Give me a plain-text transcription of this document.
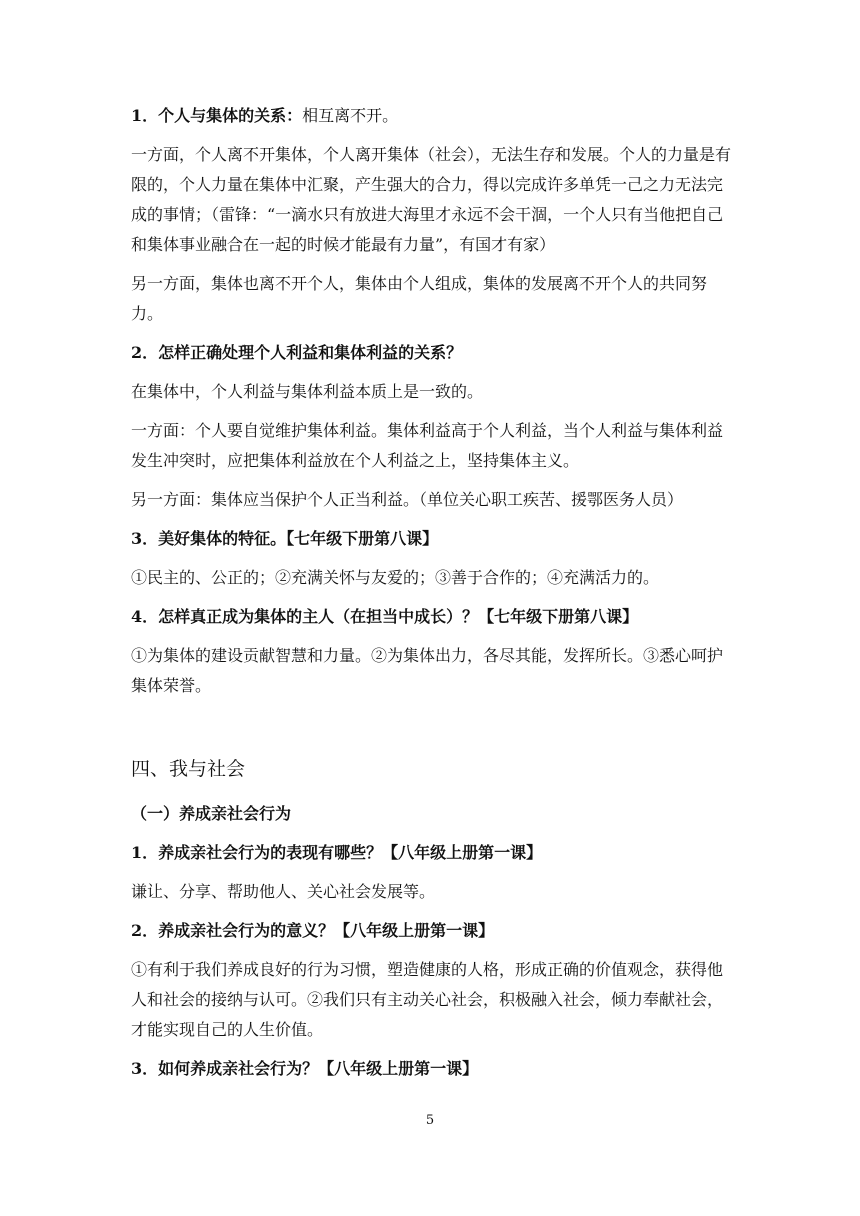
1．个人与集体的关系：相互离不开。

一方面，个人离不开集体，个人离开集体（社会），无法生存和发展。个人的力量是有限的，个人力量在集体中汇聚，产生强大的合力，得以完成许多单凭一己之力无法完成的事情；（雷锋：“一滴水只有放进大海里才永远不会干涸，一个人只有当他把自己和集体事业融合在一起的时候才能最有力量”，有国才有家）

另一方面，集体也离不开个人，集体由个人组成，集体的发展离不开个人的共同努力。

2．怎样正确处理个人利益和集体利益的关系？

在集体中，个人利益与集体利益本质上是一致的。

一方面：个人要自觉维护集体利益。集体利益高于个人利益，当个人利益与集体利益发生冲突时，应把集体利益放在个人利益之上，坚持集体主义。

另一方面：集体应当保护个人正当利益。（单位关心职工疾苦、援鄂医务人员）

3．美好集体的特征。【七年级下册第八课】

①民主的、公正的；②充满关怀与友爱的；③善于合作的；④充满活力的。

4．怎样真正成为集体的主人（在担当中成长）？【七年级下册第八课】

①为集体的建设贡献智慧和力量。②为集体出力，各尽其能，发挥所长。③悉心呵护集体荣誉。

四、我与社会

（一）养成亲社会行为

1．养成亲社会行为的表现有哪些？【八年级上册第一课】

谦让、分享、帮助他人、关心社会发展等。

2．养成亲社会行为的意义？【八年级上册第一课】

①有利于我们养成良好的行为习惯，塑造健康的人格，形成正确的价值观念，获得他人和社会的接纳与认可。②我们只有主动关心社会，积极融入社会，倾力奉献社会，才能实现自己的人生价值。

3．如何养成亲社会行为？【八年级上册第一课】

5
